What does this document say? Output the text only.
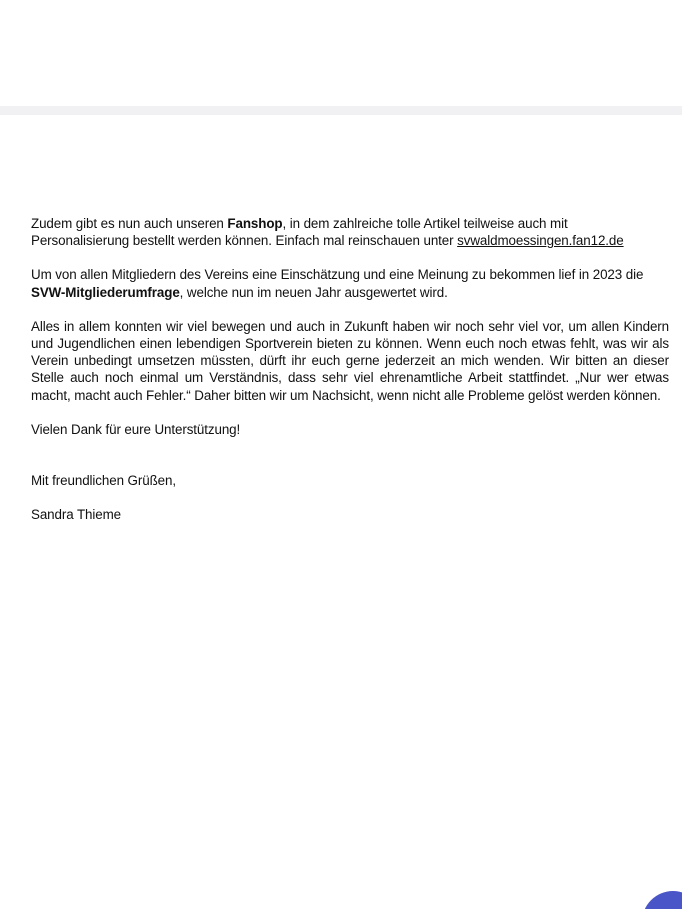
Zudem gibt es nun auch unseren Fanshop, in dem zahlreiche tolle Artikel teilweise auch mit Personalisierung bestellt werden können. Einfach mal reinschauen unter svwaldmoessingen.fan12.de

Um von allen Mitgliedern des Vereins eine Einschätzung und eine Meinung zu bekommen lief in 2023 die SVW-Mitgliederumfrage, welche nun im neuen Jahr ausgewertet wird.

Alles in allem konnten wir viel bewegen und auch in Zukunft haben wir noch sehr viel vor, um allen Kindern und Jugendlichen einen lebendigen Sportverein bieten zu können. Wenn euch noch etwas fehlt, was wir als Verein unbedingt umsetzen müssten, dürft ihr euch gerne jederzeit an mich wenden. Wir bitten an dieser Stelle auch noch einmal um Verständnis, dass sehr viel ehrenamtliche Arbeit stattfindet. „Nur wer etwas macht, macht auch Fehler.“ Daher bitten wir um Nachsicht, wenn nicht alle Probleme gelöst werden können.

Vielen Dank für eure Unterstützung!

Mit freundlichen Grüßen,

Sandra Thieme
